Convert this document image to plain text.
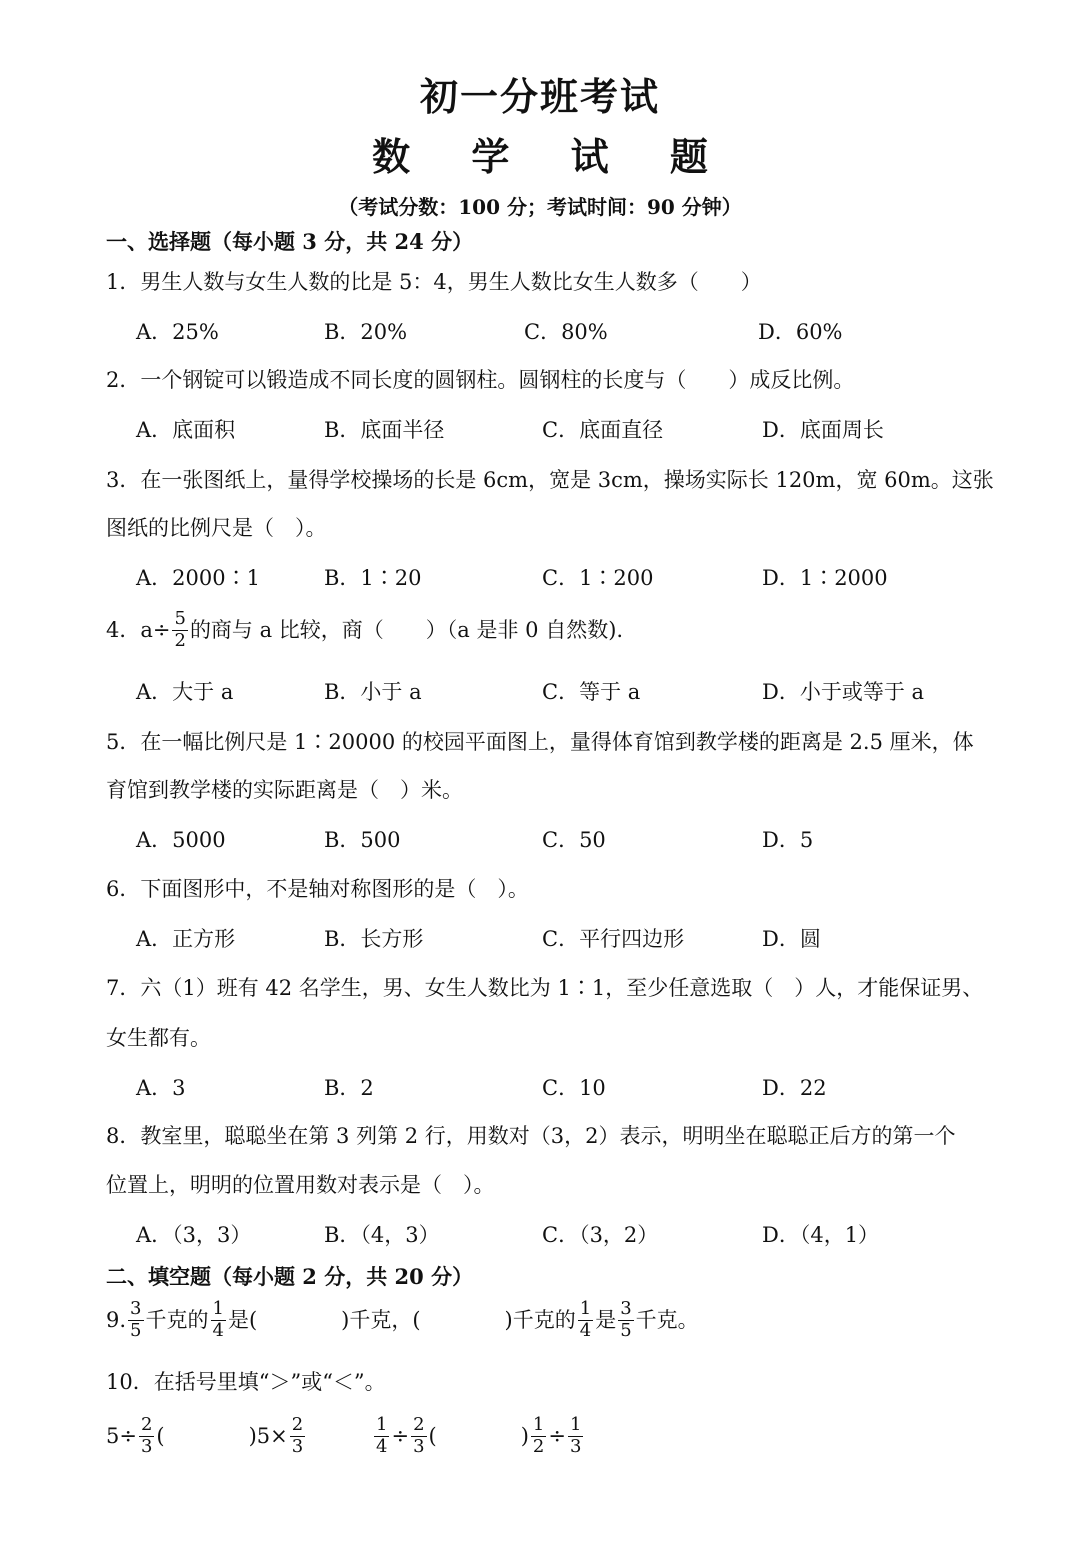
初一分班考试
数 学 试 题
（考试分数：100 分；考试时间：90 分钟）
一、选择题（每小题 3 分，共 24 分）
1．男生人数与女生人数的比是 5：4，男生人数比女生人数多（　　）
A．25%	B．20%	C．80%	D．60%
2．一个钢锭可以锻造成不同长度的圆钢柱。圆钢柱的长度与（　　）成反比例。
A．底面积	B．底面半径	C．底面直径	D．底面周长
3．在一张图纸上，量得学校操场的长是 6cm，宽是 3cm，操场实际长 120m，宽 60m。这张
图纸的比例尺是（　）。
A．2000∶1	B．1∶20	C．1∶200	D．1∶2000
4．$a\div \frac{5}{2}$ 的商与 a 比较，商（　　）（a 是非 0 自然数).
A．大于 a	B．小于 a	C．等于 a	D．小于或等于 a
5．在一幅比例尺是 1∶20000 的校园平面图上，量得体育馆到教学楼的距离是 2.5 厘米，体
育馆到教学楼的实际距离是（　）米。
A．5000	B．500	C．50	D．5
6．下面图形中，不是轴对称图形的是（　）。
A．正方形	B．长方形	C．平行四边形	D．圆
7．六（1）班有 42 名学生，男、女生人数比为 1∶1，至少任意选取（　）人，才能保证男、
女生都有。
A．3	B．2	C．10	D．22
8．教室里，聪聪坐在第 3 列第 2 行，用数对（3，2）表示，明明坐在聪聪正后方的第一个
位置上，明明的位置用数对表示是（　）。
A．（3，3）	B．（4，3）	C．（3，2）	D．（4，1）
二、填空题（每小题 2 分，共 20 分）
9. $\frac{3}{5}$ 千克的 $\frac{1}{4}$ 是(　　　　)千克，(　　　　)千克的 $\frac{1}{4}$ 是 $\frac{3}{5}$ 千克。
10．在括号里填“＞”或“＜”。
$5\div \frac{2}{3}$ (　　　　)$5\times \frac{2}{3}$	$\frac{1}{4} \div \frac{2}{3}$ (　　　　) $\frac{1}{2} \div \frac{1}{3}$
